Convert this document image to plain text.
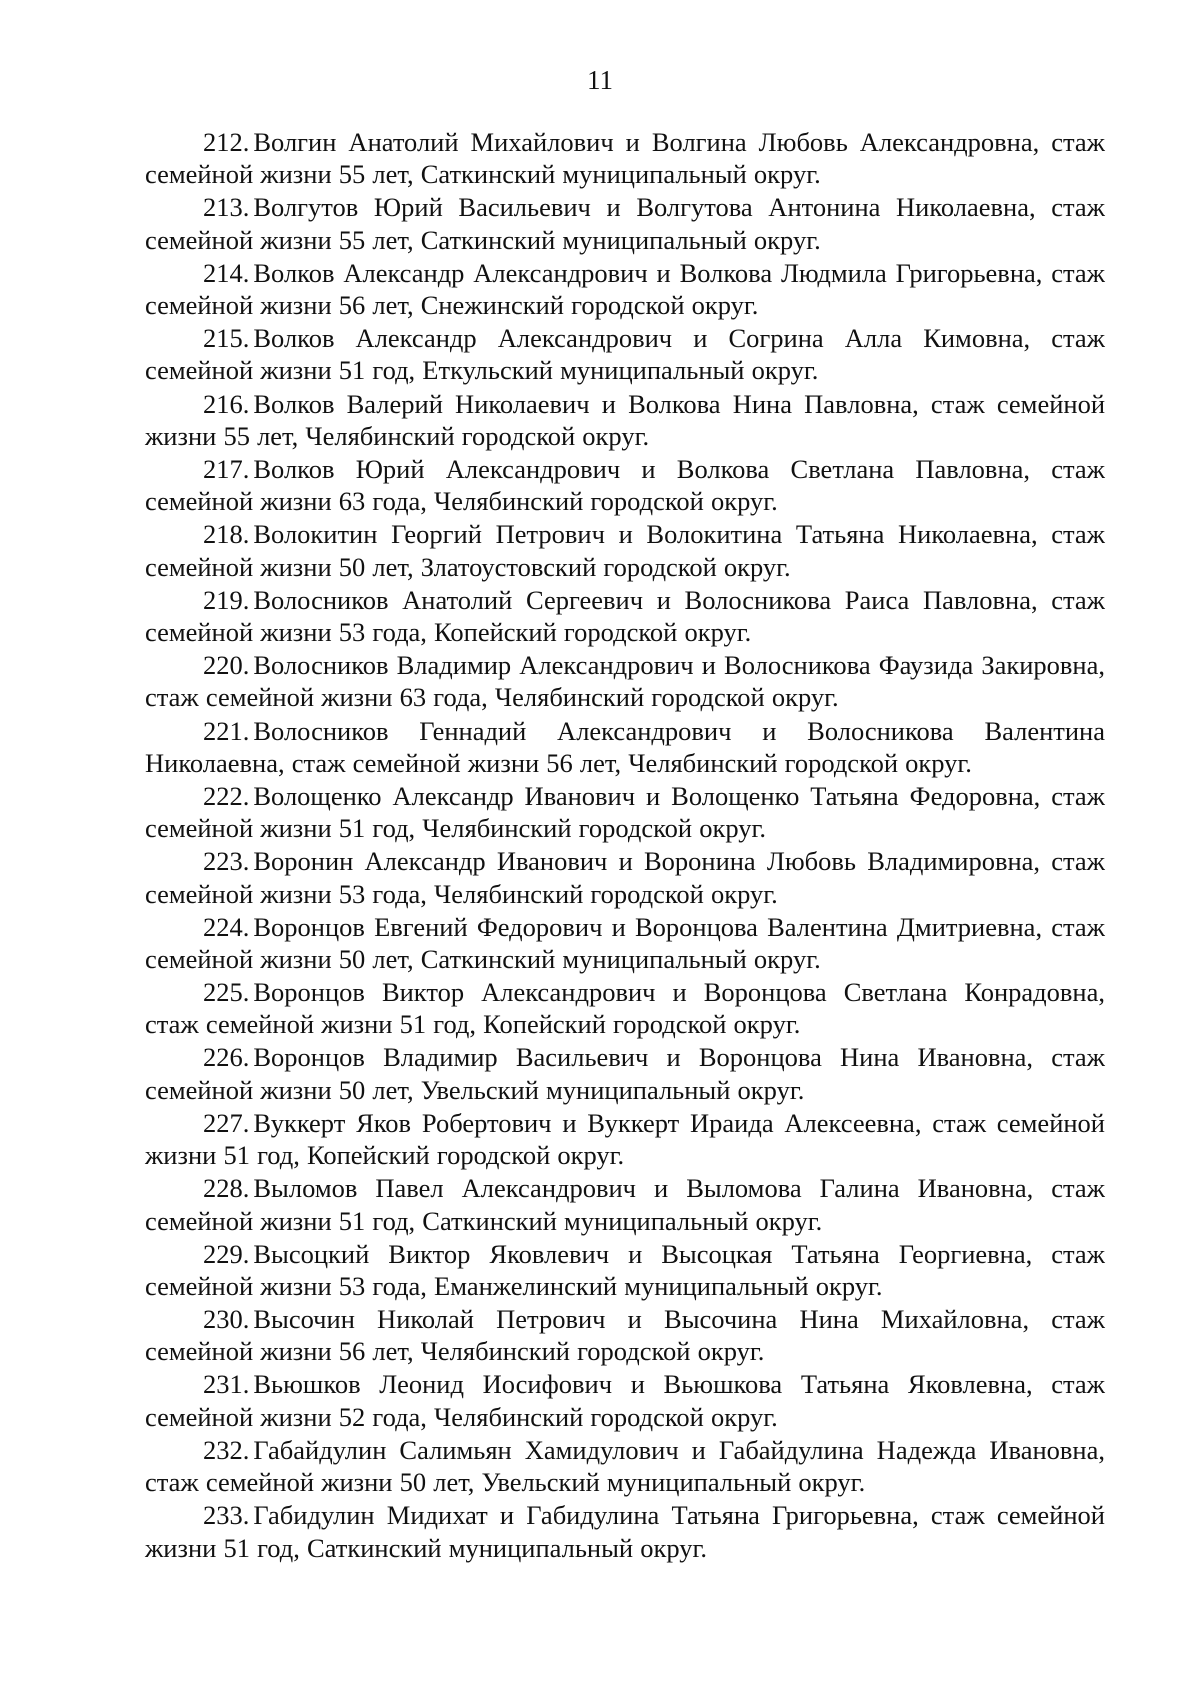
11

212. Волгин Анатолий Михайлович и Волгина Любовь Александровна, стаж семейной жизни 55 лет, Саткинский муниципальный округ.

213. Волгутов Юрий Васильевич и Волгутова Антонина Николаевна, стаж семейной жизни 55 лет, Саткинский муниципальный округ.

214. Волков Александр Александрович и Волкова Людмила Григорьевна, стаж семейной жизни 56 лет, Снежинский городской округ.

215. Волков Александр Александрович и Согрина Алла Кимовна, стаж семейной жизни 51 год, Еткульский муниципальный округ.

216. Волков Валерий Николаевич и Волкова Нина Павловна, стаж семейной жизни 55 лет, Челябинский городской округ.

217. Волков Юрий Александрович и Волкова Светлана Павловна, стаж семейной жизни 63 года, Челябинский городской округ.

218. Волокитин Георгий Петрович и Волокитина Татьяна Николаевна, стаж семейной жизни 50 лет, Златоустовский городской округ.

219. Волосников Анатолий Сергеевич и Волосникова Раиса Павловна, стаж семейной жизни 53 года, Копейский городской округ.

220. Волосников Владимир Александрович и Волосникова Фаузида Закировна, стаж семейной жизни 63 года, Челябинский городской округ.

221. Волосников Геннадий Александрович и Волосникова Валентина Николаевна, стаж семейной жизни 56 лет, Челябинский городской округ.

222. Волощенко Александр Иванович и Волощенко Татьяна Федоровна, стаж семейной жизни 51 год, Челябинский городской округ.

223. Воронин Александр Иванович и Воронина Любовь Владимировна, стаж семейной жизни 53 года, Челябинский городской округ.

224. Воронцов Евгений Федорович и Воронцова Валентина Дмитриевна, стаж семейной жизни 50 лет, Саткинский муниципальный округ.

225. Воронцов Виктор Александрович и Воронцова Светлана Конрадовна, стаж семейной жизни 51 год, Копейский городской округ.

226. Воронцов Владимир Васильевич и Воронцова Нина Ивановна, стаж семейной жизни 50 лет, Увельский муниципальный округ.

227. Вуккерт Яков Робертович и Вуккерт Ираида Алексеевна, стаж семейной жизни 51 год, Копейский городской округ.

228. Выломов Павел Александрович и Выломова Галина Ивановна, стаж семейной жизни 51 год, Саткинский муниципальный округ.

229. Высоцкий Виктор Яковлевич и Высоцкая Татьяна Георгиевна, стаж семейной жизни 53 года, Еманжелинский муниципальный округ.

230. Высочин Николай Петрович и Высочина Нина Михайловна, стаж семейной жизни 56 лет, Челябинский городской округ.

231. Вьюшков Леонид Иосифович и Вьюшкова Татьяна Яковлевна, стаж семейной жизни 52 года, Челябинский городской округ.

232. Габайдулин Салимьян Хамидулович и Габайдулина Надежда Ивановна, стаж семейной жизни 50 лет, Увельский муниципальный округ.

233. Габидулин Мидихат и Габидулина Татьяна Григорьевна, стаж семейной жизни 51 год, Саткинский муниципальный округ.
